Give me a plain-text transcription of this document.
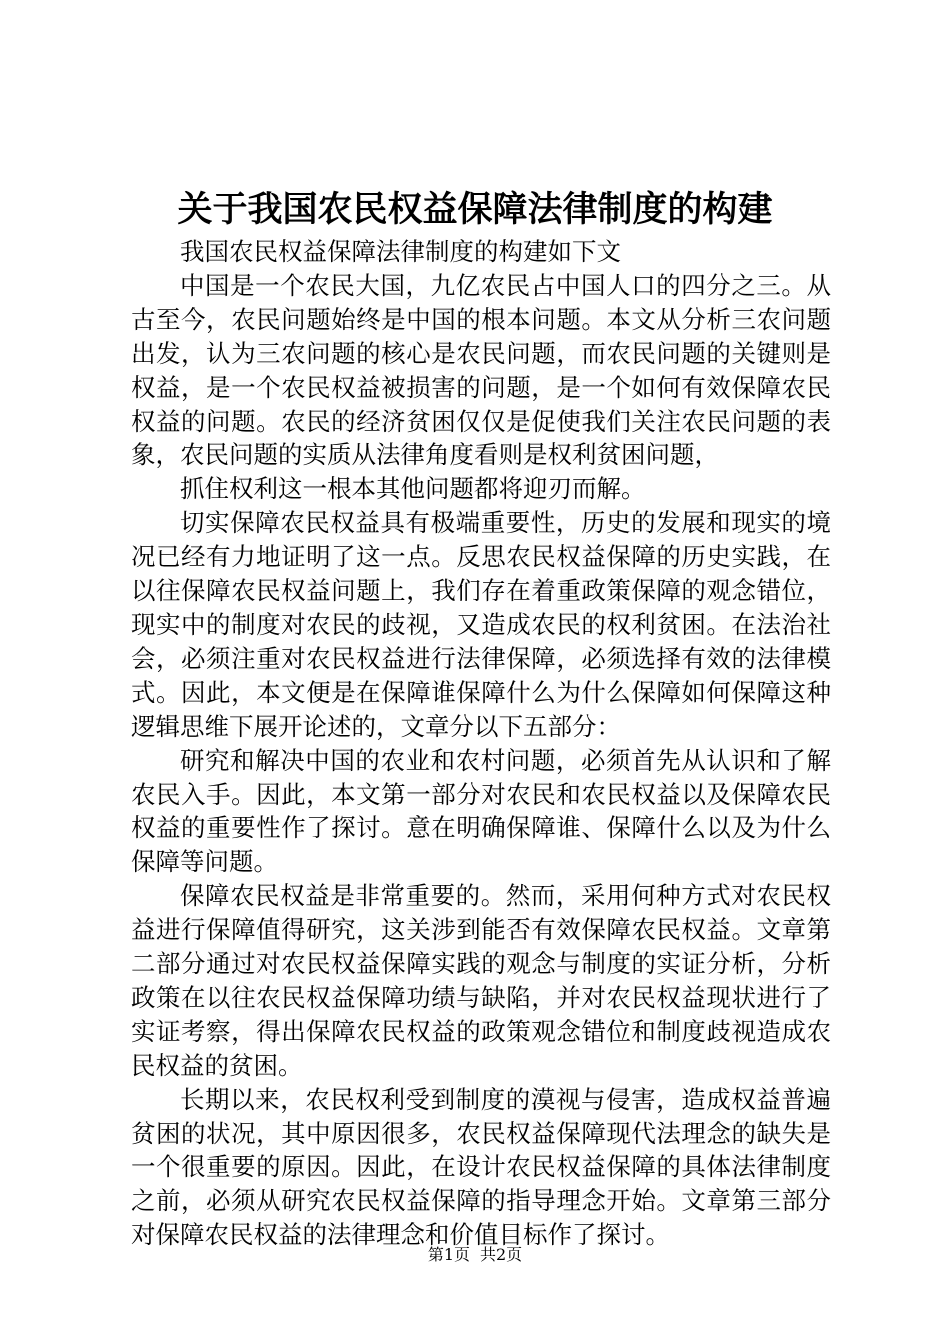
关于我国农民权益保障法律制度的构建

我国农民权益保障法律制度的构建如下文

中国是一个农民大国，九亿农民占中国人口的四分之三。从古至今，农民问题始终是中国的根本问题。本文从分析三农问题出发，认为三农问题的核心是农民问题，而农民问题的关键则是权益，是一个农民权益被损害的问题，是一个如何有效保障农民权益的问题。农民的经济贫困仅仅是促使我们关注农民问题的表象，农民问题的实质从法律角度看则是权利贫困问题，

抓住权利这一根本其他问题都将迎刃而解。

切实保障农民权益具有极端重要性，历史的发展和现实的境况已经有力地证明了这一点。反思农民权益保障的历史实践，在以往保障农民权益问题上，我们存在着重政策保障的观念错位，现实中的制度对农民的歧视，又造成农民的权利贫困。在法治社会，必须注重对农民权益进行法律保障，必须选择有效的法律模式。因此，本文便是在保障谁保障什么为什么保障如何保障这种逻辑思维下展开论述的，文章分以下五部分：

研究和解决中国的农业和农村问题，必须首先从认识和了解农民入手。因此，本文第一部分对农民和农民权益以及保障农民权益的重要性作了探讨。意在明确保障谁、保障什么以及为什么保障等问题。

保障农民权益是非常重要的。然而，采用何种方式对农民权益进行保障值得研究，这关涉到能否有效保障农民权益。文章第二部分通过对农民权益保障实践的观念与制度的实证分析，分析政策在以往农民权益保障功绩与缺陷，并对农民权益现状进行了实证考察，得出保障农民权益的政策观念错位和制度歧视造成农民权益的贫困。

长期以来，农民权利受到制度的漠视与侵害，造成权益普遍贫困的状况，其中原因很多，农民权益保障现代法理念的缺失是一个很重要的原因。因此，在设计农民权益保障的具体法律制度之前，必须从研究农民权益保障的指导理念开始。文章第三部分对保障农民权益的法律理念和价值目标作了探讨。

第1页 共2页
